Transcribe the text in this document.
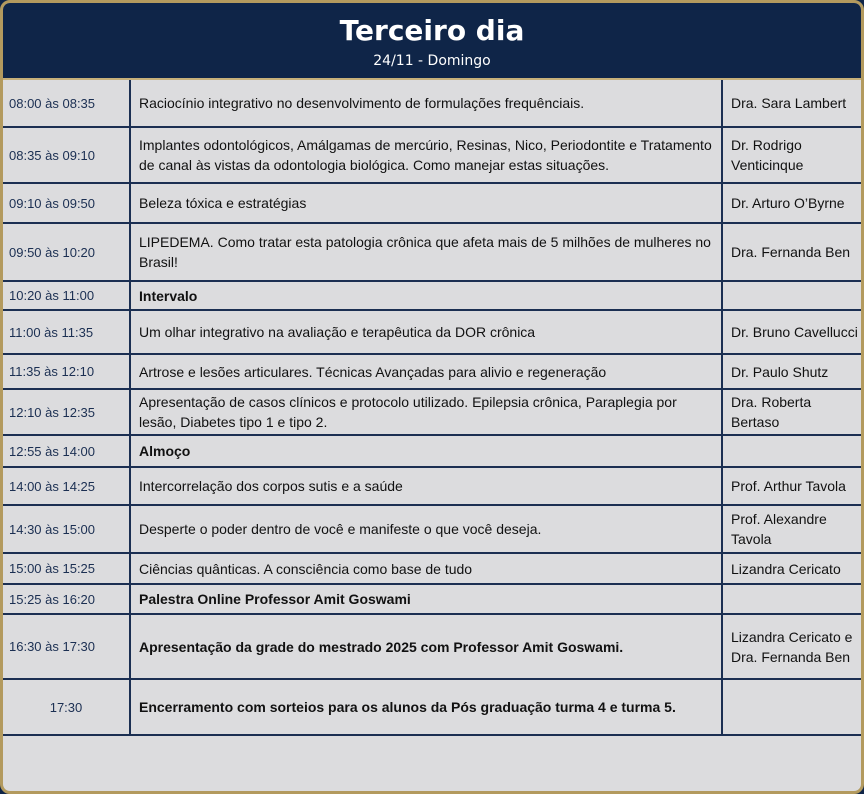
Terceiro dia
24/11 - Domingo
08:00 às 08:35	Raciocínio integrativo no desenvolvimento de formulações frequênciais.	Dra. Sara Lambert
08:35 às 09:10	Implantes odontológicos, Amálgamas de mercúrio, Resinas, Nico, Periodontite e Tratamento de canal às vistas da odontologia biológica. Como manejar estas situações.	Dr. Rodrigo Venticinque
09:10 às 09:50	Beleza tóxica e estratégias	Dr. Arturo O’Byrne
09:50 às 10:20	LIPEDEMA. Como tratar esta patologia crônica que afeta mais de 5 milhões de mulheres no Brasil!	Dra. Fernanda Ben
10:20 às 11:00	Intervalo	
11:00 às 11:35	Um olhar integrativo na avaliação e terapêutica da DOR crônica	Dr. Bruno Cavellucci
11:35 às 12:10	Artrose e lesões articulares. Técnicas Avançadas para alivio e regeneração	Dr. Paulo Shutz
12:10 às 12:35	Apresentação de casos clínicos e protocolo utilizado. Epilepsia crônica, Paraplegia por lesão, Diabetes tipo 1 e tipo 2.	Dra. Roberta Bertaso
12:55 às 14:00	Almoço	
14:00 às 14:25	Intercorrelação dos corpos sutis e a saúde	Prof. Arthur Tavola
14:30 às 15:00	Desperte o poder dentro de você e manifeste o que você deseja.	Prof. Alexandre Tavola
15:00 às 15:25	Ciências quânticas. A consciência como base de tudo	Lizandra Cericato
15:25 às 16:20	Palestra Online Professor Amit Goswami	
16:30 às 17:30	Apresentação da grade do mestrado 2025 com Professor Amit Goswami.	Lizandra Cericato e Dra. Fernanda Ben
17:30	Encerramento com sorteios para os alunos da Pós graduação turma 4 e turma 5.	
